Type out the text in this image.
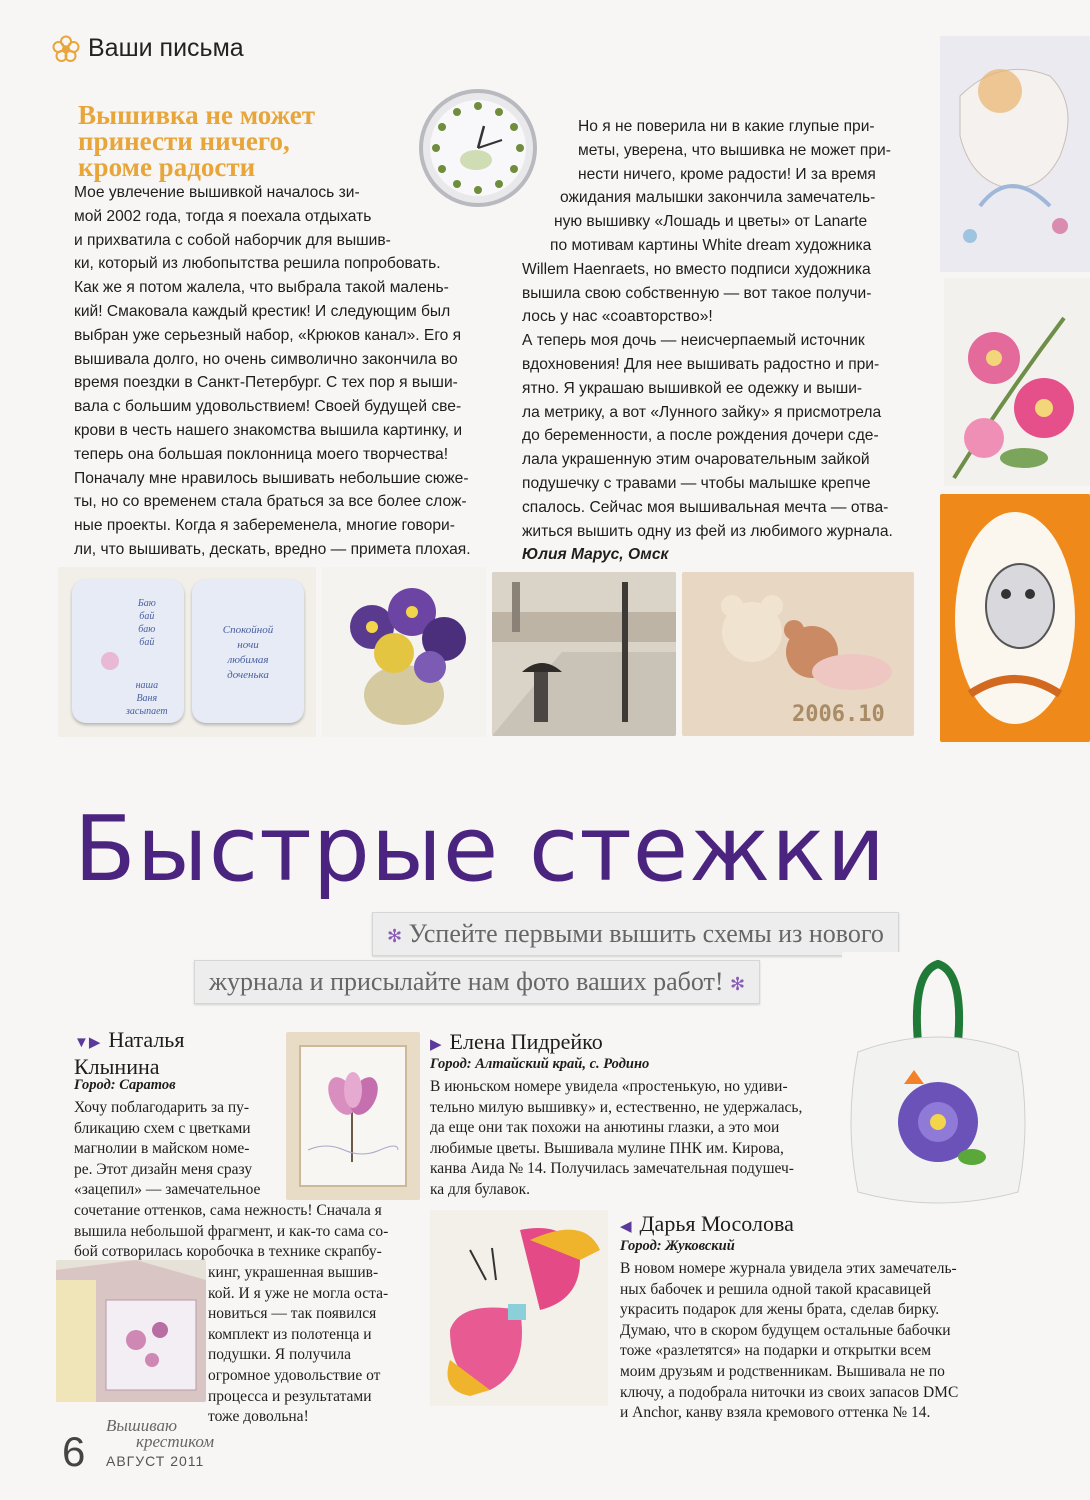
Ваши письма
Вышивка не может
принести ничего,
кроме радости

Мое увлечение вышивкой началось зи-

мой 2002 года, тогда я поехала отдыхать

и прихватила с собой наборчик для вышив-

ки, который из любопытства решила попробовать.

Как же я потом жалела, что выбрала такой малень-

кий! Смаковала каждый крестик! И следующим был

выбран уже серьезный набор, «Крюков канал». Его я

вышивала долго, но очень символично закончила во

время поездки в Санкт-Петербург. С тех пор я выши-

вала с большим удовольствием! Своей будущей све-

крови в честь нашего знакомства вышила картинку, и

теперь она большая поклонница моего творчества!

Поначалу мне нравилось вышивать небольшие сюже-

ты, но со временем стала браться за все более слож-

ные проекты. Когда я забеременела, многие говори-

ли, что вышивать, дескать, вредно — примета плохая.

Но я не поверила ни в какие глупые при-

меты, уверена, что вышивка не может при-

нести ничего, кроме радости! И за время

ожидания малышки закончила замечатель-

ную вышивку «Лошадь и цветы» от Lanarte

по мотивам картины White dream художника

Willem Haenraets, но вместо подписи художника

вышила свою собственную — вот такое получи-

лось у нас «соавторство»!

А теперь моя дочь — неисчерпаемый источник

вдохновения! Для нее вышивать радостно и при-

ятно. Я украшаю вышивкой ее одежку и выши-

ла метрику, а вот «Лунного зайку» я присмотрела

до беременности, а после рождения дочери сде-

лала украшенную этим очаровательным зайкой

подушечку с травами — чтобы малышке крепче

спалось. Сейчас моя вышивальная мечта — отва-

житься вышить одну из фей из любимого журнала.

Юлия Марус, Омск

Баю
бай
баю
бай
наша
Ваня
засыпает
Спокойной
ночи
любимая
доченька
2006.10
Быстрые стежки
✻ Успейте первыми вышить схемы из нового
журнала и присылайте нам фото ваших работ! ✻
▼▶ Наталья
Клынина
Город: Саратов

Хочу поблагодарить за пу-

бликацию схем с цветками

магнолии в майском номе-

ре. Этот дизайн меня сразу

«зацепил» — замечательное

сочетание оттенков, сама нежность! Сначала я

вышила небольшой фрагмент, и как-то сама со-

бой сотворилась коробочка в технике скрапбу-

кинг, украшенная вышив-

кой. И я уже не могла оста-

новиться — так появился

комплект из полотенца и

подушки. Я получила

огромное удовольствие от

процесса и результатами

тоже довольна!

▶ Елена Пидрейко
Город: Алтайский край, с. Родино

В июньском номере увидела «простенькую, но удиви-

тельно милую вышивку» и, естественно, не удержалась,

да еще они так похожи на анютины глазки, а это мои

любимые цветы. Вышивала мулине ПНК им. Кирова,

канва Аида № 14. Получилась замечательная подушеч-

ка для булавок.

◀ Дарья Мосолова
Город: Жуковский

В новом номере журнала увидела этих замечатель-

ных бабочек и решила одной такой красавицей

украсить подарок для жены брата, сделав бирку.

Думаю, что в скором будущем остальные бабочки

тоже «разлетятся» на подарки и открытки всем

моим друзьям и родственникам. Вышивала не по

ключу, а подобрала ниточки из своих запасов DMC

и Anchor, канву взяла кремового оттенка № 14.

6
Вышиваю
крестиком
АВГУСТ 2011
